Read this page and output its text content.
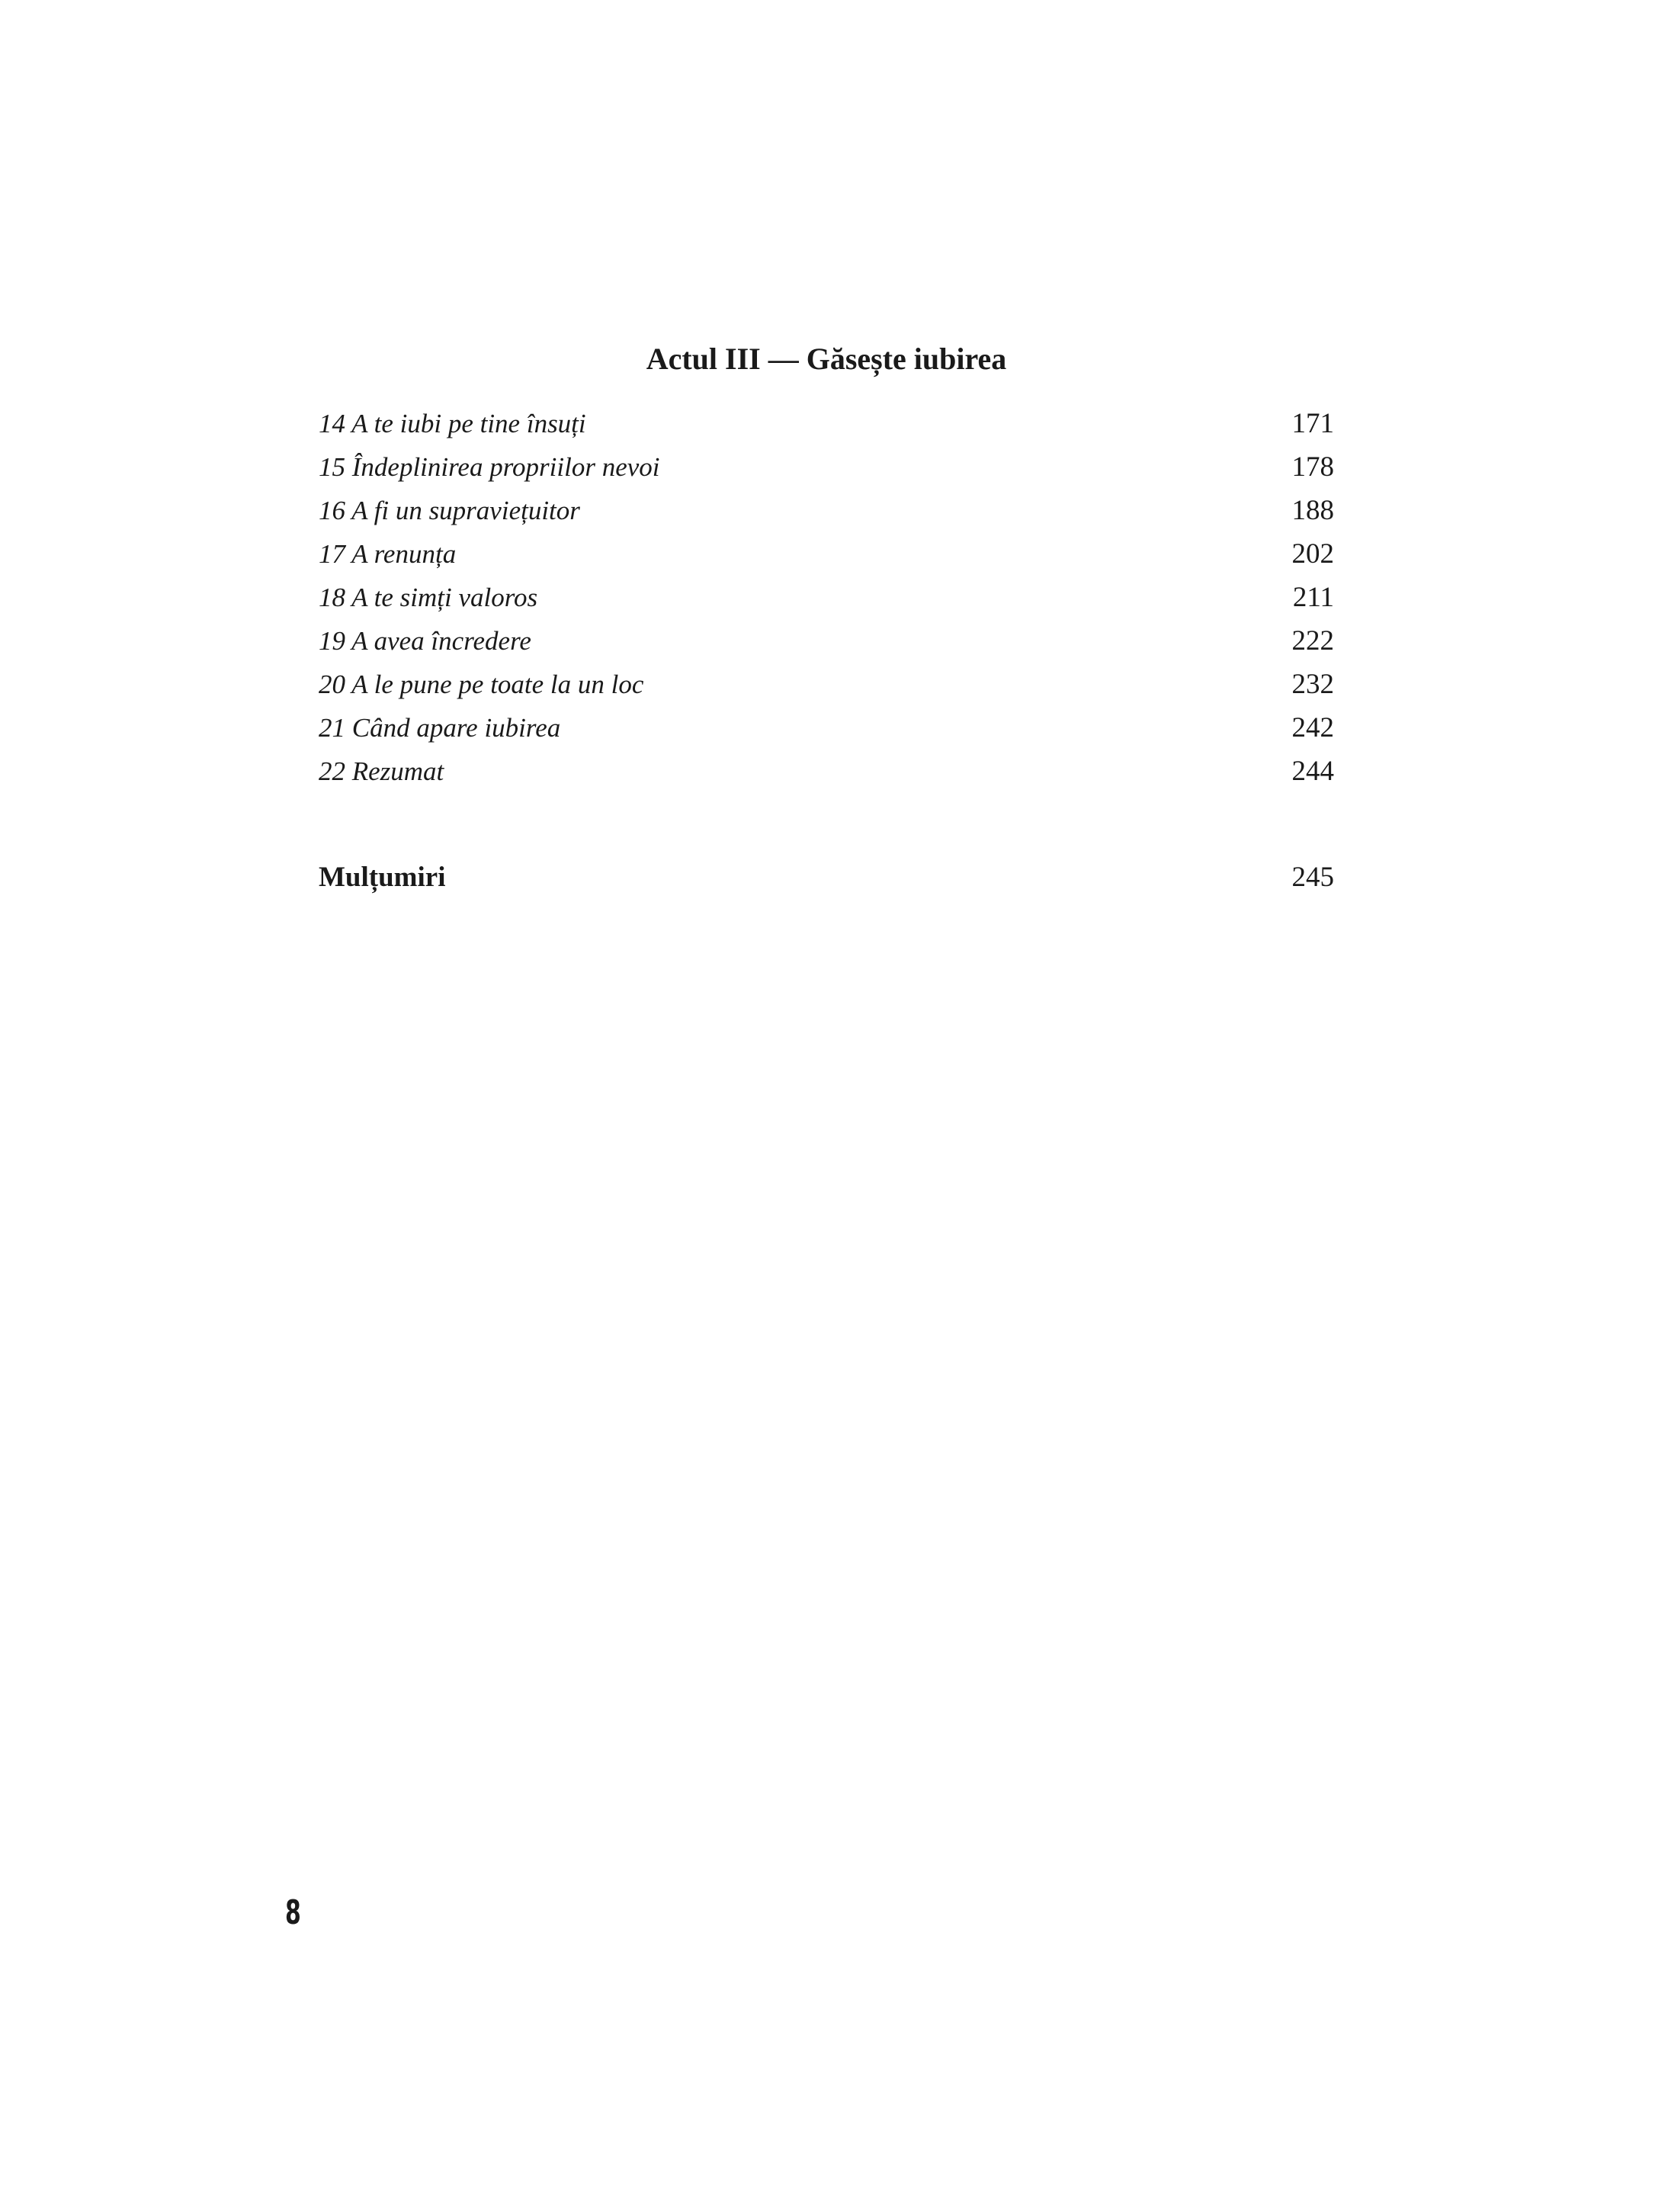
Actul III — Găsește iubirea
14 A te iubi pe tine însuți	171
15 Îndeplinirea propriilor nevoi	178
16 A fi un supraviețuitor	188
17 A renunța	202
18 A te simți valoros	211
19 A avea încredere	222
20 A le pune pe toate la un loc	232
21 Când apare iubirea	242
22 Rezumat	244
Mulțumiri	245
8
